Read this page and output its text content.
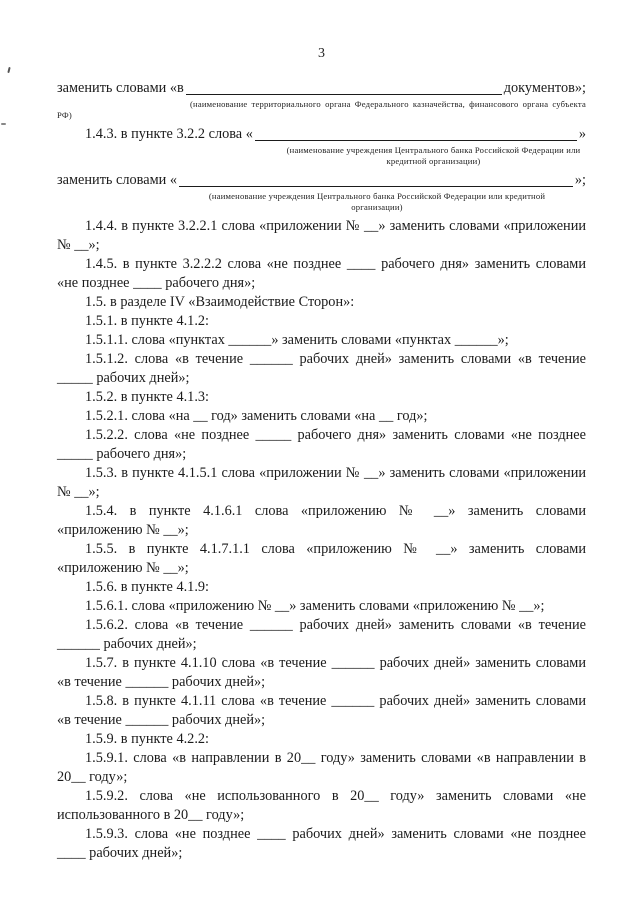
3
заменить словами «в	документов»;
(наименование территориального органа Федерального казначейства, финансового органа субъекта РФ)
1.4.3. в пункте 3.2.2 слова «	»
(наименование учреждения Центрального банка Российской Федерации или кредитной организации)
заменить словами «	»;
(наименование учреждения Центрального банка Российской Федерации или кредитной организации)
1.4.4. в пункте 3.2.2.1 слова «приложении № __» заменить словами «приложении № __»;
1.4.5. в пункте 3.2.2.2 слова «не позднее ____ рабочего дня» заменить словами «не позднее ____ рабочего дня»;
1.5. в разделе IV «Взаимодействие Сторон»:
1.5.1. в пункте 4.1.2:
1.5.1.1. слова «пунктах ______» заменить словами «пунктах ______»;
1.5.1.2. слова «в течение ______ рабочих дней» заменить словами «в течение _____ рабочих дней»;
1.5.2. в пункте 4.1.3:
1.5.2.1. слова «на __ год» заменить словами «на __ год»;
1.5.2.2. слова «не позднее _____ рабочего дня» заменить словами «не позднее _____ рабочего дня»;
1.5.3. в пункте 4.1.5.1 слова «приложении № __» заменить словами «приложении № __»;
1.5.4. в пункте 4.1.6.1 слова «приложению № __» заменить словами «приложению № __»;
1.5.5. в пункте 4.1.7.1.1 слова «приложению № __» заменить словами «приложению № __»;
1.5.6. в пункте 4.1.9:
1.5.6.1. слова «приложению № __» заменить словами «приложению № __»;
1.5.6.2. слова «в течение ______ рабочих дней» заменить словами «в течение ______ рабочих дней»;
1.5.7. в пункте 4.1.10 слова «в течение ______ рабочих дней» заменить словами «в течение ______ рабочих дней»;
1.5.8. в пункте 4.1.11 слова «в течение ______ рабочих дней» заменить словами «в течение ______ рабочих дней»;
1.5.9. в пункте 4.2.2:
1.5.9.1. слова «в направлении в 20__ году» заменить словами «в направлении в 20__ году»;
1.5.9.2. слова «не использованного в 20__ году» заменить словами «не использованного в 20__ году»;
1.5.9.3. слова «не позднее ____ рабочих дней» заменить словами «не позднее ____ рабочих дней»;
